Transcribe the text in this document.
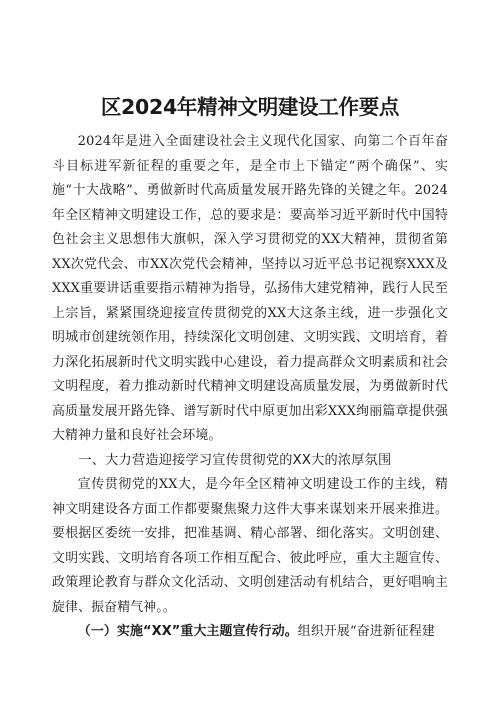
区2024年精神文明建设工作要点

2024年是进入全面建设社会主义现代化国家、向第二个百年奋斗目标进军新征程的重要之年，是全市上下锚定“两个确保”、实施“十大战略”、勇做新时代高质量发展开路先锋的关键之年。2024年全区精神文明建设工作，总的要求是：要高举习近平新时代中国特色社会主义思想伟大旗帜，深入学习贯彻党的XX大精神，贯彻省第XX次党代会、市XX次党代会精神，坚持以习近平总书记视察XXX及XXX重要讲话重要指示精神为指导，弘扬伟大建党精神，践行人民至上宗旨，紧紧围绕迎接宣传贯彻党的XX大这条主线，进一步强化文明城市创建统领作用，持续深化文明创建、文明实践、文明培育，着力深化拓展新时代文明实践中心建设，着力提高群众文明素质和社会文明程度，着力推动新时代精神文明建设高质量发展，为勇做新时代高质量发展开路先锋、谱写新时代中原更加出彩XXX绚丽篇章提供强大精神力量和良好社会环境。

一、大力营造迎接学习宣传贯彻党的XX大的浓厚氛围

宣传贯彻党的XX大，是今年全区精神文明建设工作的主线，精神文明建设各方面工作都要聚焦聚力这件大事来谋划来开展来推进。要根据区委统一安排，把准基调、精心部署、细化落实。文明创建、文明实践、文明培育各项工作相互配合、彼此呼应，重大主题宣传、政策理论教育与群众文化活动、文明创建活动有机结合，更好唱响主旋律、振奋精气神。。

（一）实施“XX”重大主题宣传行动。组织开展“奋进新征程建
